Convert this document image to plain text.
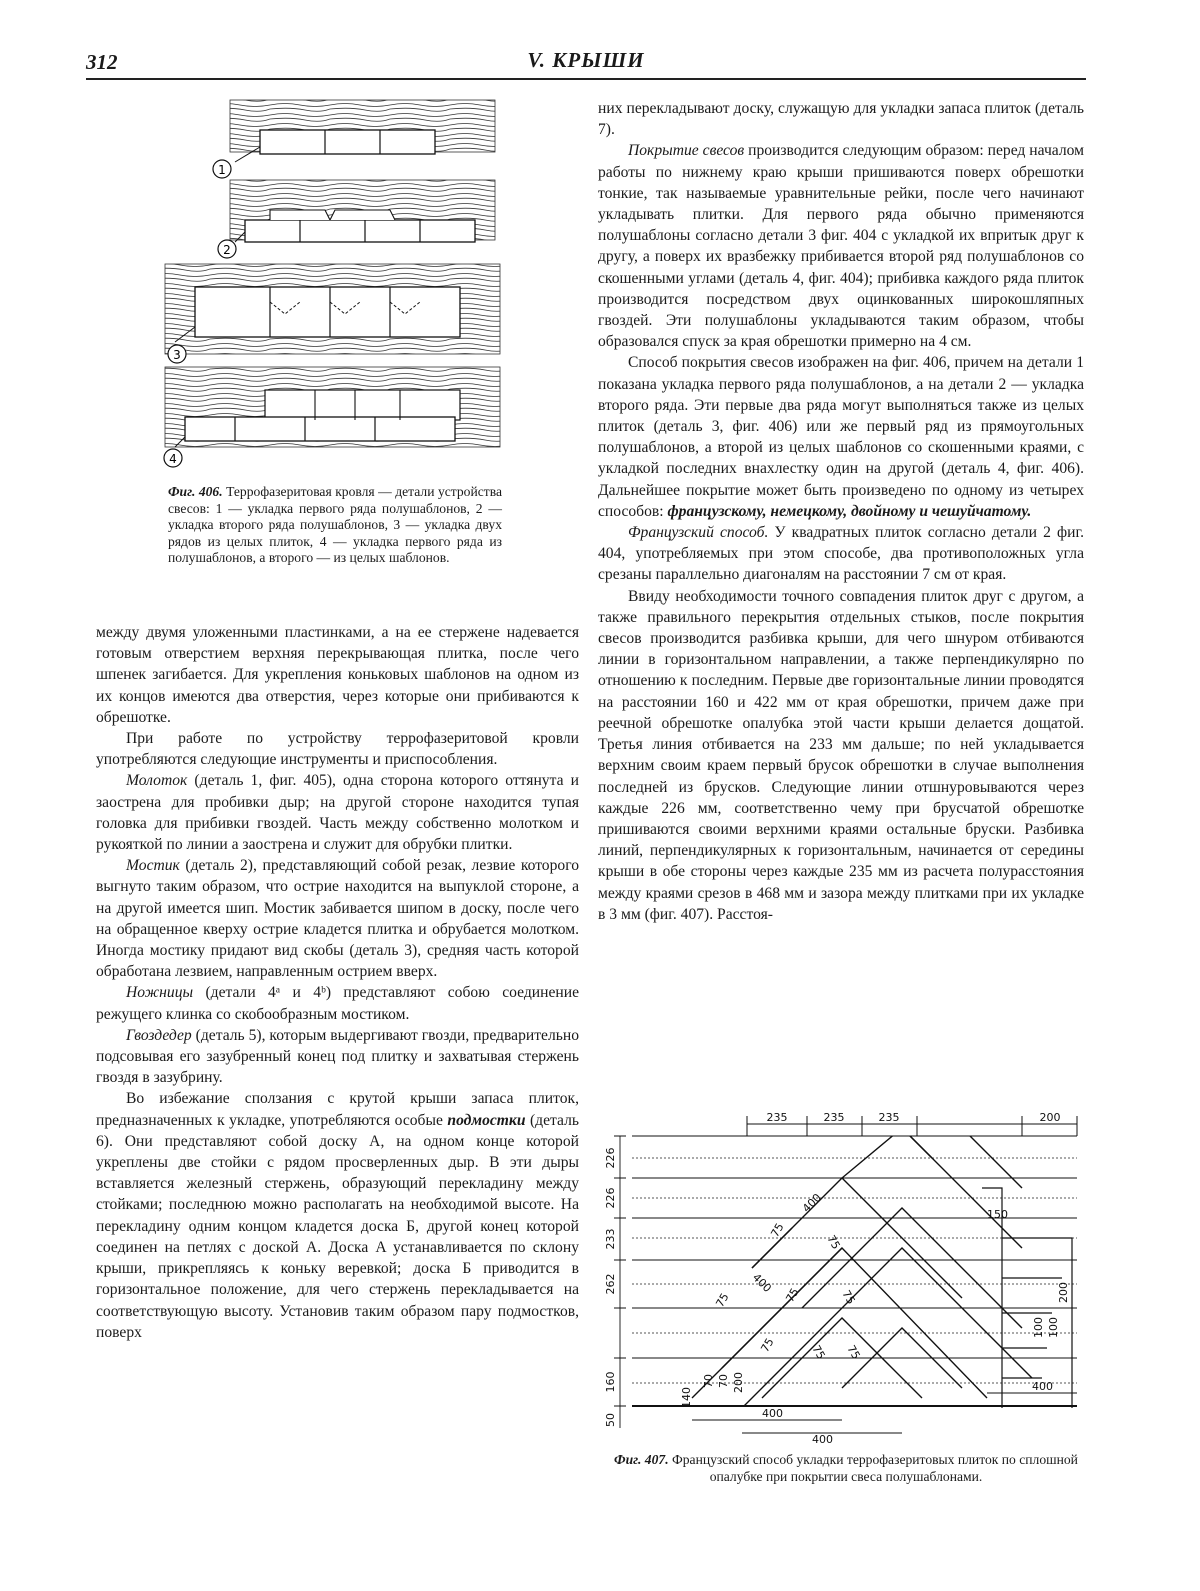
312	V. КРЫШИ
1
2
3
4
Фиг. 406. Террофазеритовая кровля — детали устройства свесов: 1 — укладка первого ряда полушаблонов, 2 — укладка второго ряда полушаблонов, 3 — укладка двух рядов из целых плиток, 4 — укладка первого ряда из полушаблонов, а второго — из целых шаблонов.

между двумя уложенными пластинками, а на ее стержене надевается готовым отверстием верхняя перекрывающая плитка, после чего шпенек загибается. Для укрепления коньковых шаблонов на одном из их концов имеются два отверстия, через которые они прибиваются к обрешотке.

При работе по устройству террофазеритовой кровли употребляются следующие инструменты и приспособления.

Молоток (деталь 1, фиг. 405), одна сторона которого оттянута и заострена для пробивки дыр; на другой стороне находится тупая головка для прибивки гвоздей. Часть между собственно молотком и рукояткой по линии a заострена и служит для обрубки плитки.

Мостик (деталь 2), представляющий собой резак, лезвие которого выгнуто таким образом, что острие находится на выпуклой стороне, а на другой имеется шип. Мостик забивается шипом в доску, после чего на обращенное кверху острие кладется плитка и обрубается молотком. Иногда мостику придают вид скобы (деталь 3), средняя часть которой обработана лезвием, направленным острием вверх.

Ножницы (детали 4ᵃ и 4ᵇ) представляют собою соединение режущего клинка со скобообразным мостиком.

Гвоздедер (деталь 5), которым выдергивают гвозди, предварительно подсовывая его зазубренный конец под плитку и захватывая стержень гвоздя в зазубрину.

Во избежание сползания с крутой крыши запаса плиток, предназначенных к укладке, употребляются особые подмостки (деталь 6). Они представляют собой доску A, на одном конце которой укреплены две стойки с рядом просверленных дыр. В эти дыры вставляется железный стержень, образующий перекладину между стойками; последнюю можно располагать на необходимой высоте. На перекладину одним концом кладется доска Б, другой конец которой соединен на петлях с доской A. Доска A устанавливается по склону крыши, прикрепляясь к коньку веревкой; доска Б приводится в горизонтальное положение, для чего стержень перекладывается на соответствующую высоту. Установив таким образом пару подмостков, поверх

них перекладывают доску, служащую для укладки запаса плиток (деталь 7).

Покрытие свесов производится следующим образом: перед началом работы по нижнему краю крыши пришиваются поверх обрешотки тонкие, так называемые уравнительные рейки, после чего начинают укладывать плитки. Для первого ряда обычно применяются полушаблоны согласно детали 3 фиг. 404 с укладкой их впритык друг к другу, а поверх их вразбежку прибивается второй ряд полушаблонов со скошенными углами (деталь 4, фиг. 404); прибивка каждого ряда плиток производится посредством двух оцинкованных широкошляпных гвоздей. Эти полушаблоны укладываются таким образом, чтобы образовался спуск за края обрешотки примерно на 4 см.

Способ покрытия свесов изображен на фиг. 406, причем на детали 1 показана укладка первого ряда полушаблонов, а на детали 2 — укладка второго ряда. Эти первые два ряда могут выполняться также из целых плиток (деталь 3, фиг. 406) или же первый ряд из прямоугольных полушаблонов, а второй из целых шаблонов со скошенными краями, с укладкой последних внахлестку один на другой (деталь 4, фиг. 406). Дальнейшее покрытие может быть произведено по одному из четырех способов: французскому, немецкому, двойному и чешуйчатому.

Французский способ. У квадратных плиток согласно детали 2 фиг. 404, употребляемых при этом способе, два противоположных угла срезаны параллельно диагоналям на расстоянии 7 см от края.

Ввиду необходимости точного совпадения плиток друг с другом, а также правильного перекрытия отдельных стыков, после покрытия свесов производится разбивка крыши, для чего шнуром отбиваются линии в горизонтальном направлении, а также перпендикулярно по отношению к последним. Первые две горизонтальные линии проводятся на расстоянии 160 и 422 мм от края обрешотки, причем даже при реечной обрешотке опалубка этой части крыши делается дощатой. Третья линия отбивается на 233 мм дальше; по ней укладывается верхним своим краем первый брусок обрешотки в случае выполнения последней из брусков. Следующие линии отшнуровываются через каждые 226 мм, соответственно чему при брусчатой обрешотке пришиваются своими верхними краями остальные бруски. Разбивка линий, перпендикулярных к горизонтальным, начинается от середины крыши в обе стороны через каждые 235 мм из расчета полурасстояния между краями срезов в 468 мм и зазора между плитками при их укладке в 3 мм (фиг. 407). Расстоя-

235	235	235	200
226
226
233
262
160
50
400
75
75
400
75	75	75
75	75 75
70 70 200
150
200
100 100
400
400
400
140
Фиг. 407. Французский способ укладки террофазеритовых плиток по сплошной опалубке при покрытии свеса полушаблонами.
